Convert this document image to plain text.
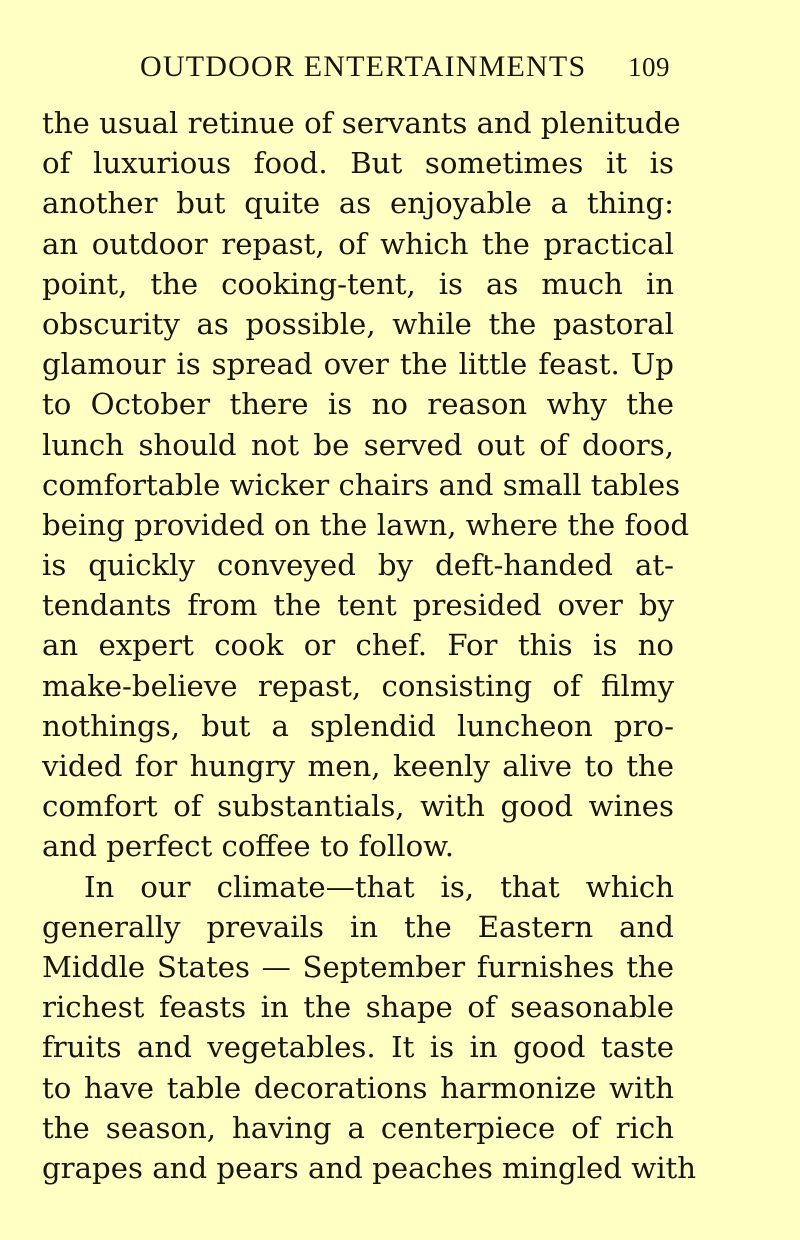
OUTDOOR ENTERTAINMENTS 109
the usual retinue of servants and plenitude
of luxurious food. But sometimes it is
another but quite as enjoyable a thing:
an outdoor repast, of which the practical
point, the cooking-tent, is as much in
obscurity as possible, while the pastoral
glamour is spread over the little feast. Up
to October there is no reason why the
lunch should not be served out of doors,
comfortable wicker chairs and small tables
being provided on the lawn, where the food
is quickly conveyed by deft-handed at-
tendants from the tent presided over by
an expert cook or chef. For this is no
make-believe repast, consisting of filmy
nothings, but a splendid luncheon pro-
vided for hungry men, keenly alive to the
comfort of substantials, with good wines
and perfect coffee to follow.
In our climate—that is, that which
generally prevails in the Eastern and
Middle States — September furnishes the
richest feasts in the shape of seasonable
fruits and vegetables. It is in good taste
to have table decorations harmonize with
the season, having a centerpiece of rich
grapes and pears and peaches mingled with
